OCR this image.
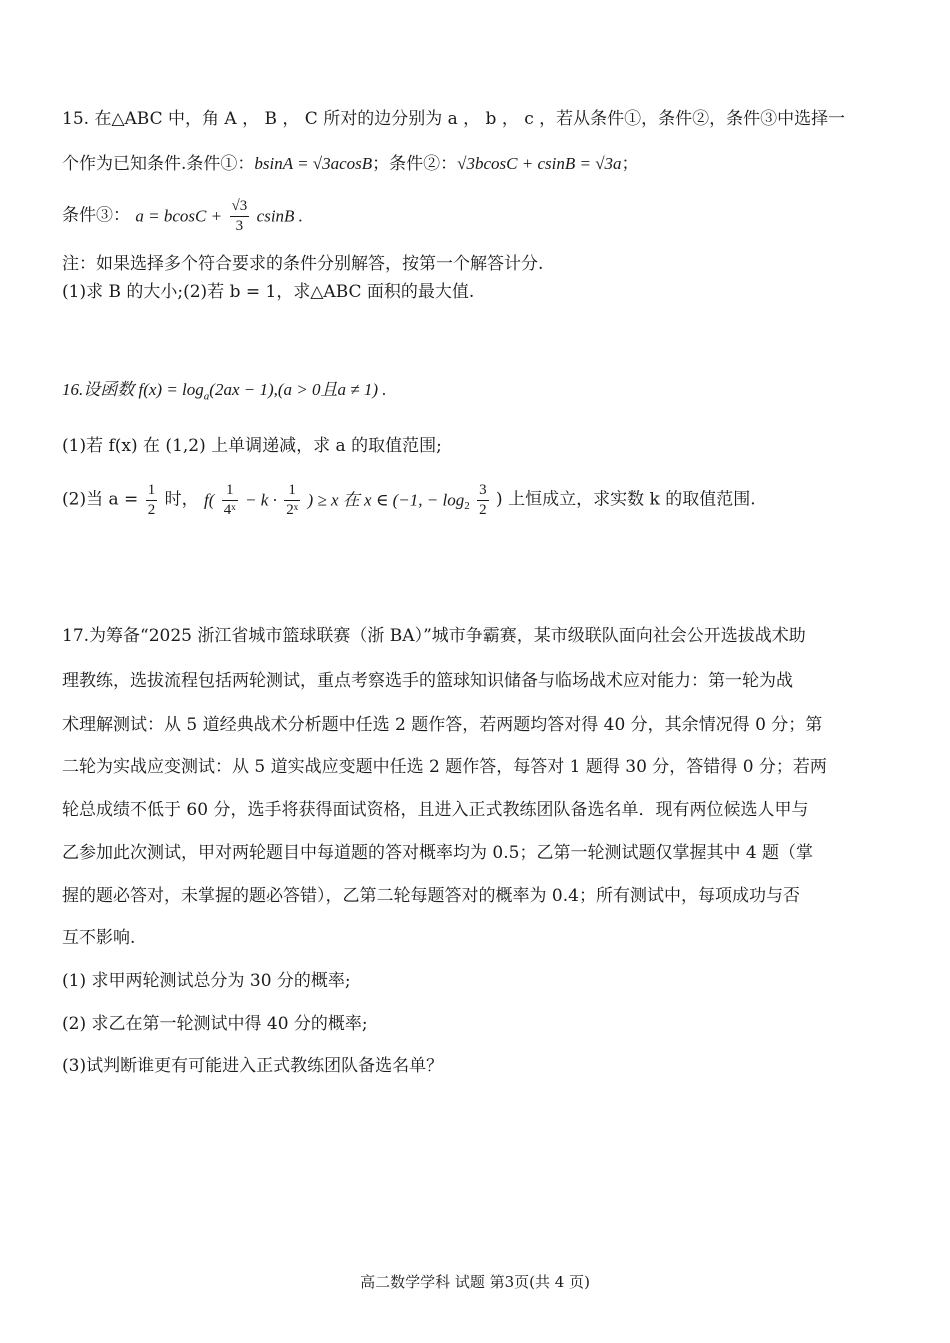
15. 在△ABC 中，角 A ， B ， C 所对的边分别为 a ， b ， c ，若从条件①，条件②，条件③中选择一
个作为已知条件.条件①：bsinA = √3acosB；条件②：√3bcosC + csinB = √3a；
条件③： $a = bcosC + \frac{√3}{3}$ csinB .
注：如果选择多个符合要求的条件分别解答，按第一个解答计分.
(1)求 B 的大小;(2)若 b = 1，求△ABC 面积的最大值.
16.设函数 $f(x) = \log_a(2ax - 1),(a > 0$且a ≠ 1) .
(1)若 f(x) 在 (1,2) 上单调递减，求 a 的取值范围;
(2)当 $a = \frac{1}{2}$ 时， $f( \frac{1}{\text{4ˣ}} - k \cdot \frac{1}{\text{2ˣ}}$ ) ≥ x 在 x ∈ (−1, − $\log_2 \frac{3}{2}$ ) 上恒成立，求实数 k 的取值范围.
17.为筹备“2025 浙江省城市篮球联赛（浙 BA）”城市争霸赛，某市级联队面向社会公开选拔战术助
理教练，选拔流程包括两轮测试，重点考察选手的篮球知识储备与临场战术应对能力：第一轮为战
术理解测试：从 5 道经典战术分析题中任选 2 题作答，若两题均答对得 40 分，其余情况得 0 分；第
二轮为实战应变测试：从 5 道实战应变题中任选 2 题作答，每答对 1 题得 30 分，答错得 0 分；若两
轮总成绩不低于 60 分，选手将获得面试资格，且进入正式教练团队备选名单．现有两位候选人甲与
乙参加此次测试，甲对两轮题目中每道题的答对概率均为 0.5；乙第一轮测试题仅掌握其中 4 题（掌
握的题必答对，未掌握的题必答错），乙第二轮每题答对的概率为 0.4；所有测试中，每项成功与否
互不影响.
(1) 求甲两轮测试总分为 30 分的概率;
(2) 求乙在第一轮测试中得 40 分的概率;
(3)试判断谁更有可能进入正式教练团队备选名单？
高二数学学科 试题 第3页(共 4 页)
